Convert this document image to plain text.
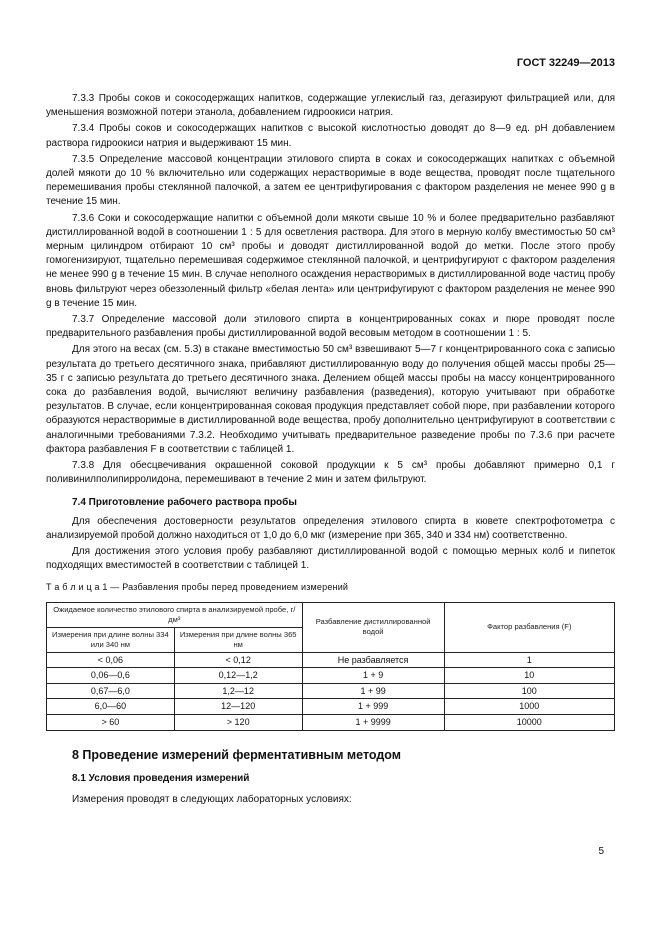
ГОСТ 32249—2013

7.3.3 Пробы соков и сокосодержащих напитков, содержащие углекислый газ, дегазируют фильтрацией или, для уменьшения возможной потери этанола, добавлением гидроокиси натрия.

7.3.4 Пробы соков и сокосодержащих напитков с высокой кислотностью доводят до 8—9 ед. pH добавлением раствора гидроокиси натрия и выдерживают 15 мин.

7.3.5 Определение массовой концентрации этилового спирта в соках и сокосодержащих напитках с объемной долей мякоти до 10 % включительно или содержащих нерастворимые в воде вещества, проводят после тщательного перемешивания пробы стеклянной палочкой, а затем ее центрифугирования с фактором разделения не менее 990 g в течение 15 мин.

7.3.6 Соки и сокосодержащие напитки с объемной доли мякоти свыше 10 % и более предварительно разбавляют дистиллированной водой в соотношении 1 : 5 для осветления раствора. Для этого в мерную колбу вместимостью 50 см³ мерным цилиндром отбирают 10 см³ пробы и доводят дистиллированной водой до метки. После этого пробу гомогенизируют, тщательно перемешивая содержимое стеклянной палочкой, и центрифугируют с фактором разделения не менее 990 g в течение 15 мин. В случае неполного осаждения нерастворимых в дистиллированной воде частиц пробу вновь фильтруют через обеззоленный фильтр «белая лента» или центрифугируют с фактором разделения не менее 990 g в течение 15 мин.

7.3.7 Определение массовой доли этилового спирта в концентрированных соках и пюре проводят после предварительного разбавления пробы дистиллированной водой весовым методом в соотношении 1 : 5.

Для этого на весах (см. 5.3) в стакане вместимостью 50 см³ взвешивают 5—7 г концентрированного сока с записью результата до третьего десятичного знака, прибавляют дистиллированную воду до получения общей массы пробы 25—35 г с записью результата до третьего десятичного знака. Делением общей массы пробы на массу концентрированного сока до разбавления водой, вычисляют величину разбавления (разведения), которую учитывают при обработке результатов. В случае, если концентрированная соковая продукция представляет собой пюре, при разбавлении которого образуются нерастворимые в дистиллированной воде вещества, пробу дополнительно центрифугируют в соответствии с аналогичными требованиями 7.3.2. Необходимо учитывать предварительное разведение пробы по 7.3.6 при расчете фактора разбавления F в соответствии с таблицей 1.

7.3.8 Для обесцвечивания окрашенной соковой продукции к 5 см³ пробы добавляют примерно 0,1 г поливинилполипирролидона, перемешивают в течение 2 мин и затем фильтруют.

7.4 Приготовление рабочего раствора пробы

Для обеспечения достоверности результатов определения этилового спирта в кювете спектрофотометра с анализируемой пробой должно находиться от 1,0 до 6,0 мкг (измерение при 365, 340 и 334 нм) соответственно.

Для достижения этого условия пробу разбавляют дистиллированной водой с помощью мерных колб и пипеток подходящих вместимостей в соответствии с таблицей 1.

Т а б л и ц а 1 — Разбавления пробы перед проведением измерений
Ожидаемое количество этилового спирта в анализируемой пробе, г/дм³		Разбавление дистиллированной водой	Фактор разбавления (F)
Измерения при длине волны 334 или 340 нм	Измерения при длине волны 365 нм		
< 0,06	< 0,12	Не разбавляется	1
0,06—0,6	0,12—1,2	1 + 9	10
0,67—6,0	1,2—12	1 + 99	100
6,0—60	12—120	1 + 999	1000
> 60	> 120	1 + 9999	10000
8 Проведение измерений ферментативным методом
8.1 Условия проведения измерений

Измерения проводят в следующих лабораторных условиях:

5
